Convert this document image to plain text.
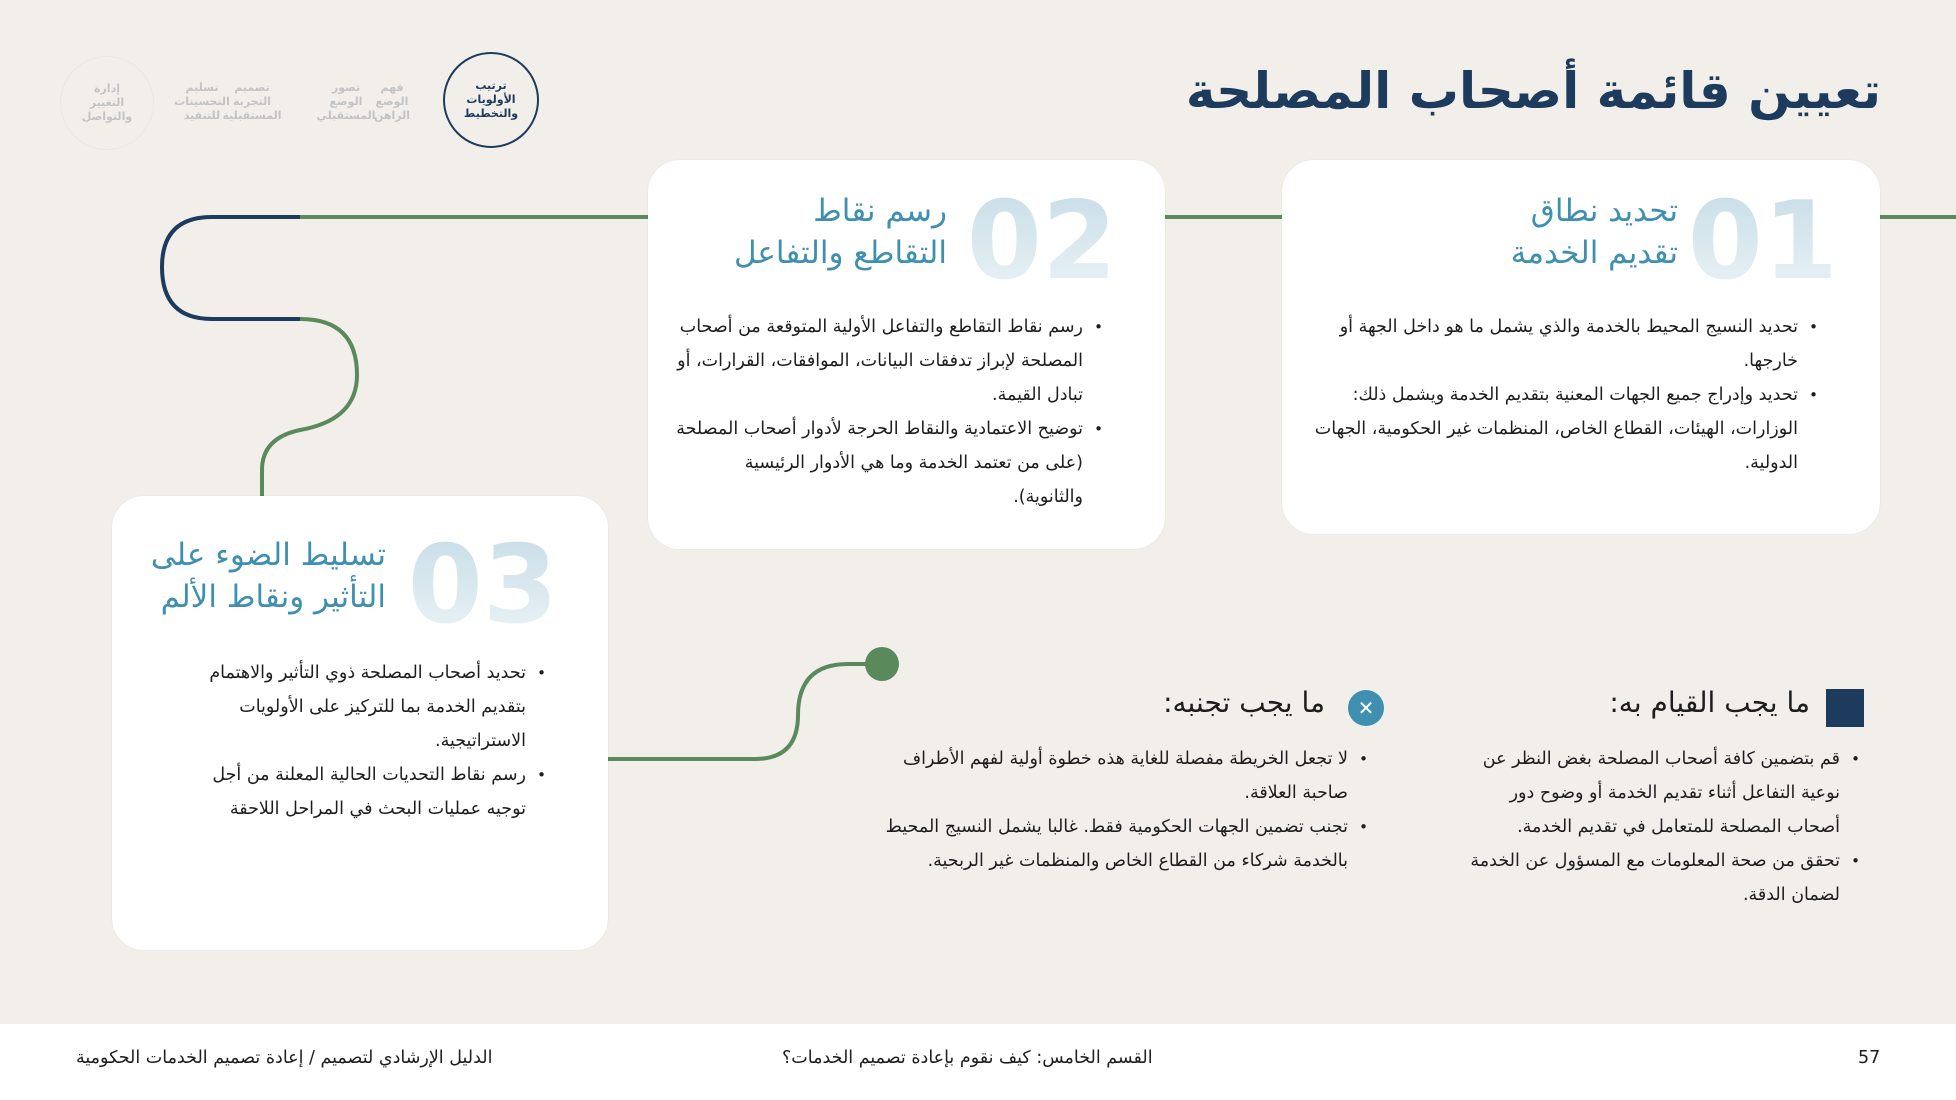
تعيين قائمة أصحاب المصلحة
ترتيب
الأولويات
والتخطيط
فهم
الوضع
الراهن
تصور
الوضع
المستقبلي
تصميم
التجربة
المستقبلية
تسليم
التحسينات
للتنفيذ
إدارة
التغيير
والتواصل
01
تحديد نطاق
تقديم الخدمة
• تحديد النسيج المحيط بالخدمة والذي يشمل ما هو داخل الجهة أو خارجها.
• تحديد وإدراج جميع الجهات المعنية بتقديم الخدمة ويشمل ذلك: الوزارات، الهيئات، القطاع الخاص، المنظمات غير الحكومية، الجهات الدولية.
02
رسم نقاط
التقاطع والتفاعل
• رسم نقاط التقاطع والتفاعل الأولية المتوقعة من أصحاب المصلحة لإبراز تدفقات البيانات، الموافقات، القرارات، أو تبادل القيمة.
• توضيح الاعتمادية والنقاط الحرجة لأدوار أصحاب المصلحة (على من تعتمد الخدمة وما هي الأدوار الرئيسية والثانوية).
03
تسليط الضوء على
التأثير ونقاط الألم
• تحديد أصحاب المصلحة ذوي التأثير والاهتمام بتقديم الخدمة بما للتركيز على الأولويات الاستراتيجية.
• رسم نقاط التحديات الحالية المعلنة من أجل توجيه عمليات البحث في المراحل اللاحقة
ما يجب القيام به:
• قم بتضمين كافة أصحاب المصلحة بغض النظر عن نوعية التفاعل أثناء تقديم الخدمة أو وضوح دور أصحاب المصلحة للمتعامل في تقديم الخدمة.
• تحقق من صحة المعلومات مع المسؤول عن الخدمة لضمان الدقة.
✕
ما يجب تجنبه:
• لا تجعل الخريطة مفصلة للغاية هذه خطوة أولية لفهم الأطراف صاحبة العلاقة.
• تجنب تضمين الجهات الحكومية فقط. غالبا يشمل النسيج المحيط بالخدمة شركاء من القطاع الخاص والمنظمات غير الربحية.
الدليل الإرشادي لتصميم / إعادة تصميم الخدمات الحكومية	القسم الخامس: كيف نقوم بإعادة تصميم الخدمات؟	57
